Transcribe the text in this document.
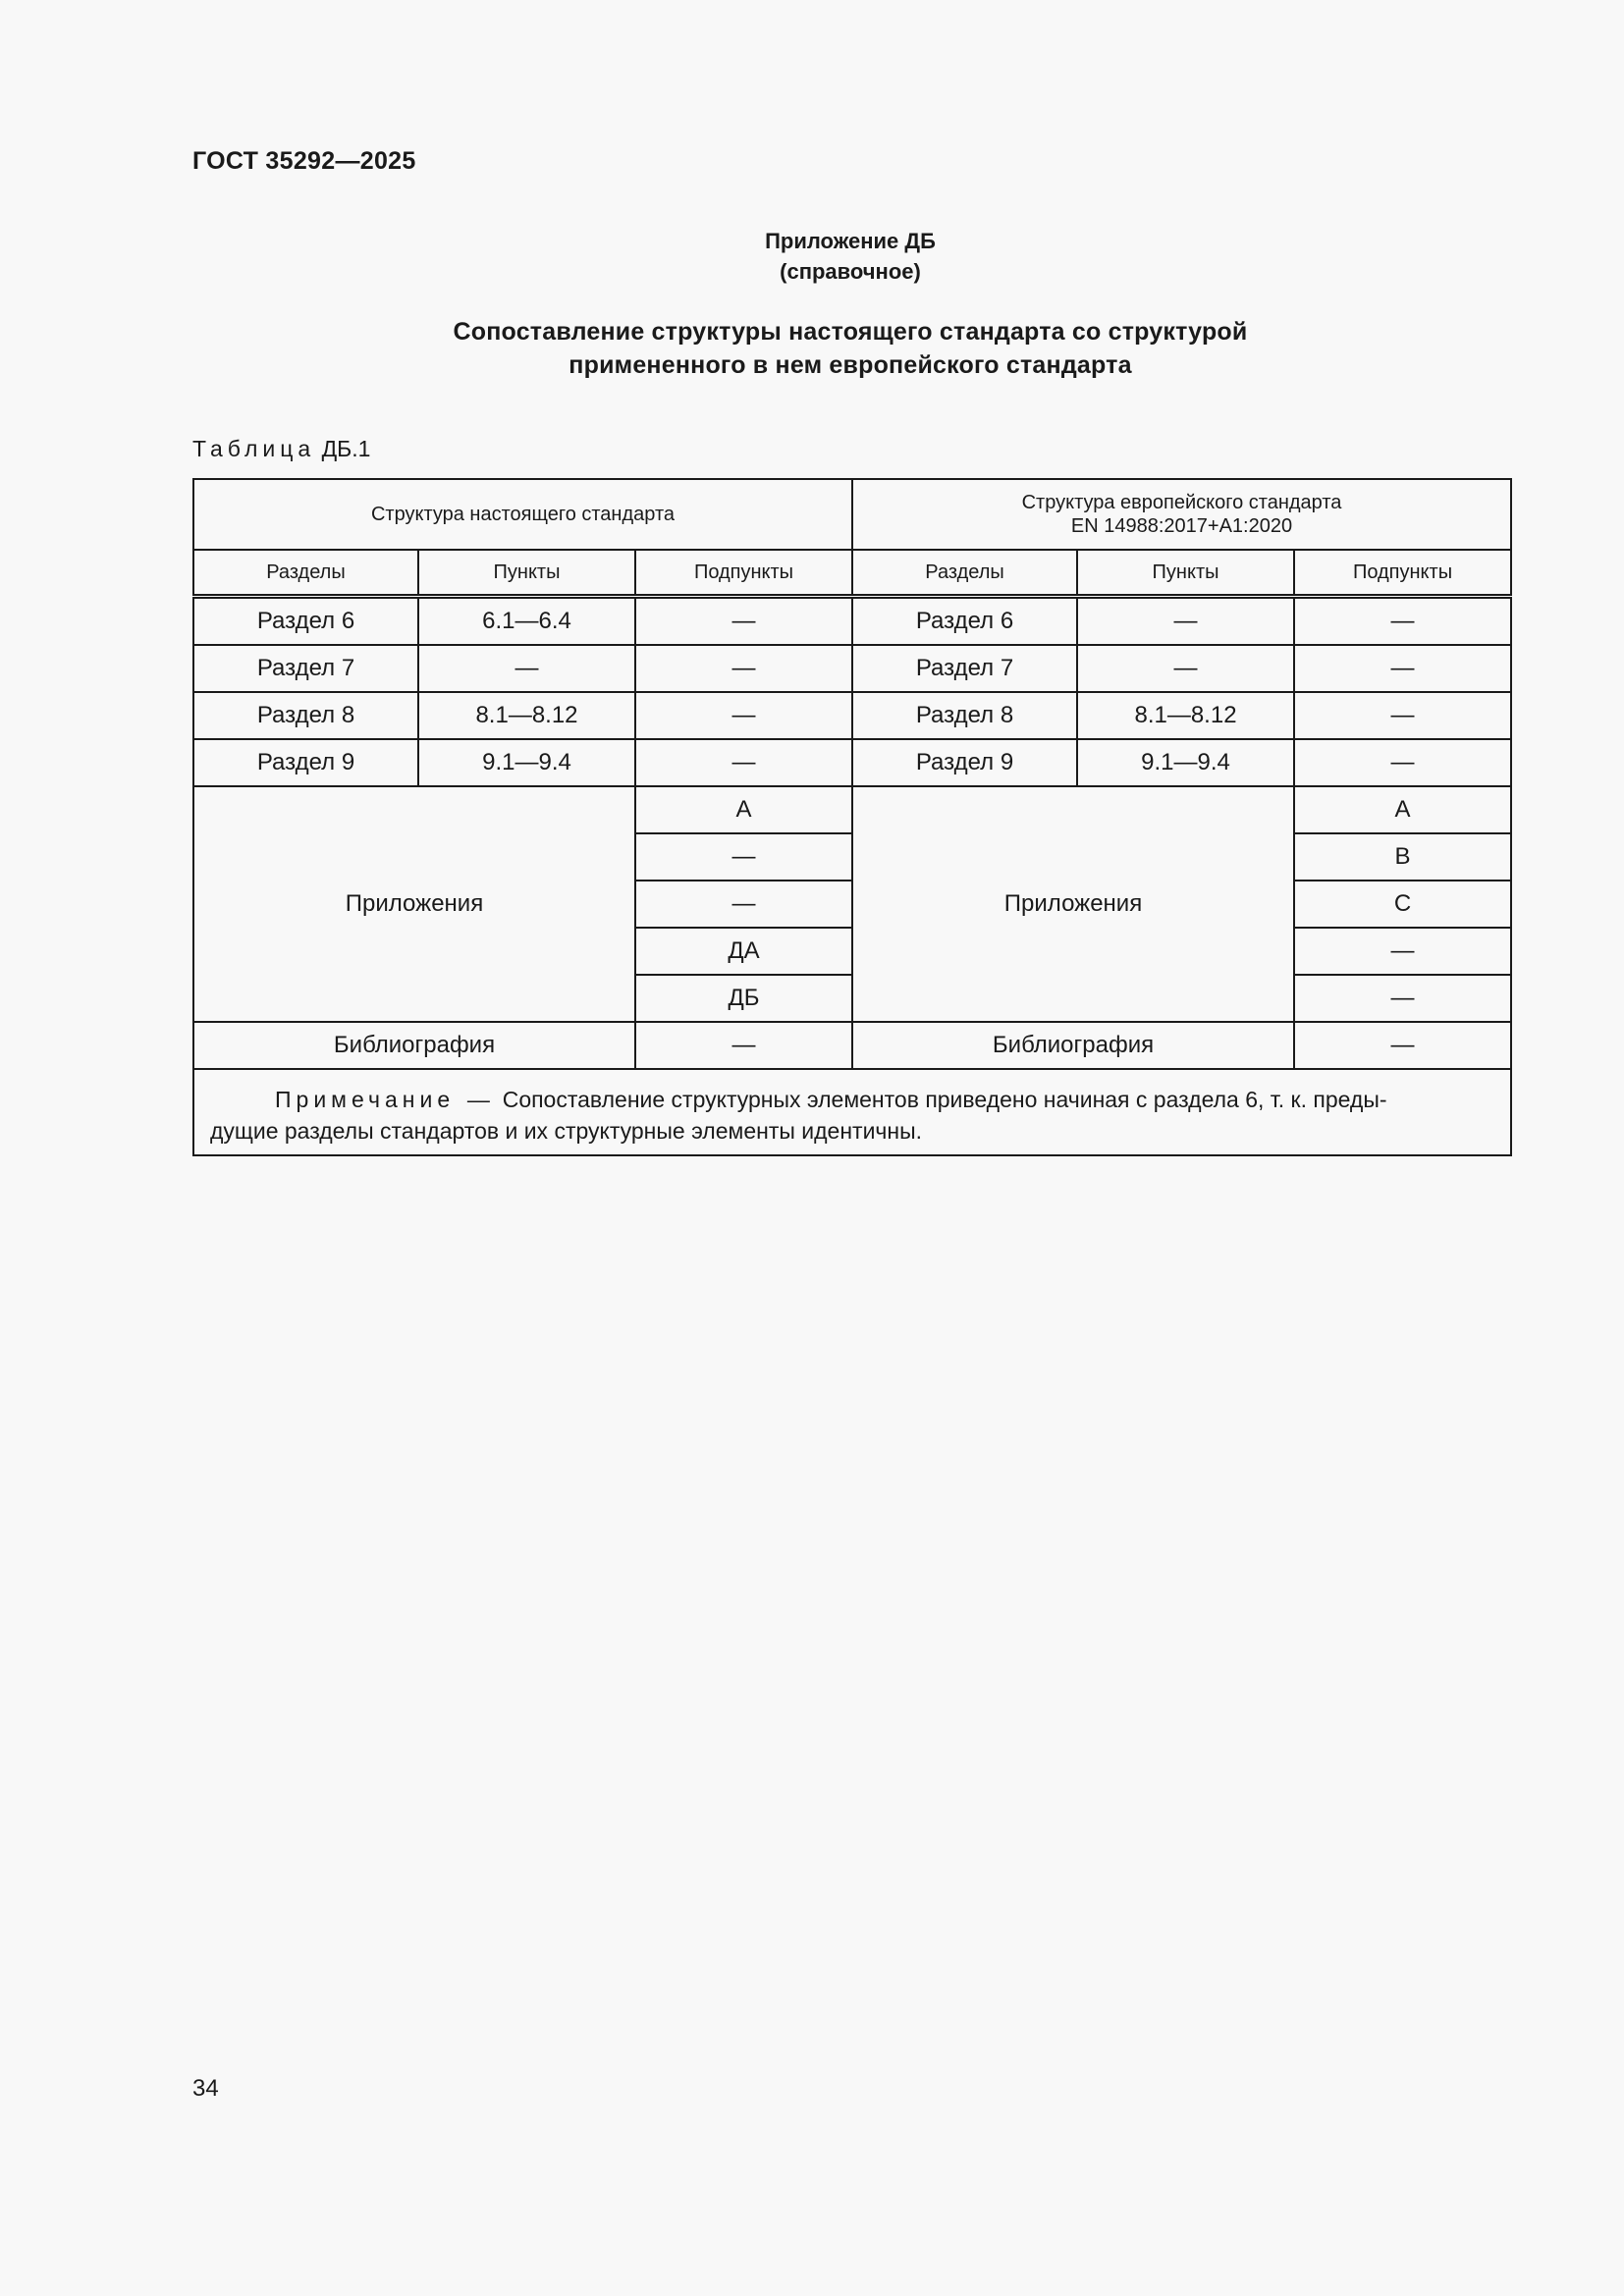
ГОСТ 35292—2025
Приложение ДБ
(справочное)
Сопоставление структуры настоящего стандарта со структурой
примененного в нем европейского стандарта
Таблица ДБ.1
Структура настоящего стандарта			Структура европейского стандарта
EN 14988:2017+A1:2020		

Разделы	Пункты	Подпункты	Разделы	Пункты	Подпункты
Раздел 6	6.1—6.4	—	Раздел 6	—	—
Раздел 7	—	—	Раздел 7	—	—
Раздел 8	8.1—8.12	—	Раздел 8	8.1—8.12	—
Раздел 9	9.1—9.4	—	Раздел 9	9.1—9.4	—
Приложения		А	Приложения		A
		—			B
		—			C
		ДА			—
		ДБ			—
Библиография		—	Библиография		—

Примечание — Сопоставление структурных элементов приведено начиная с раздела 6, т. к. преды-
дущие разделы стандартов и их структурные элементы идентичны.					
34
